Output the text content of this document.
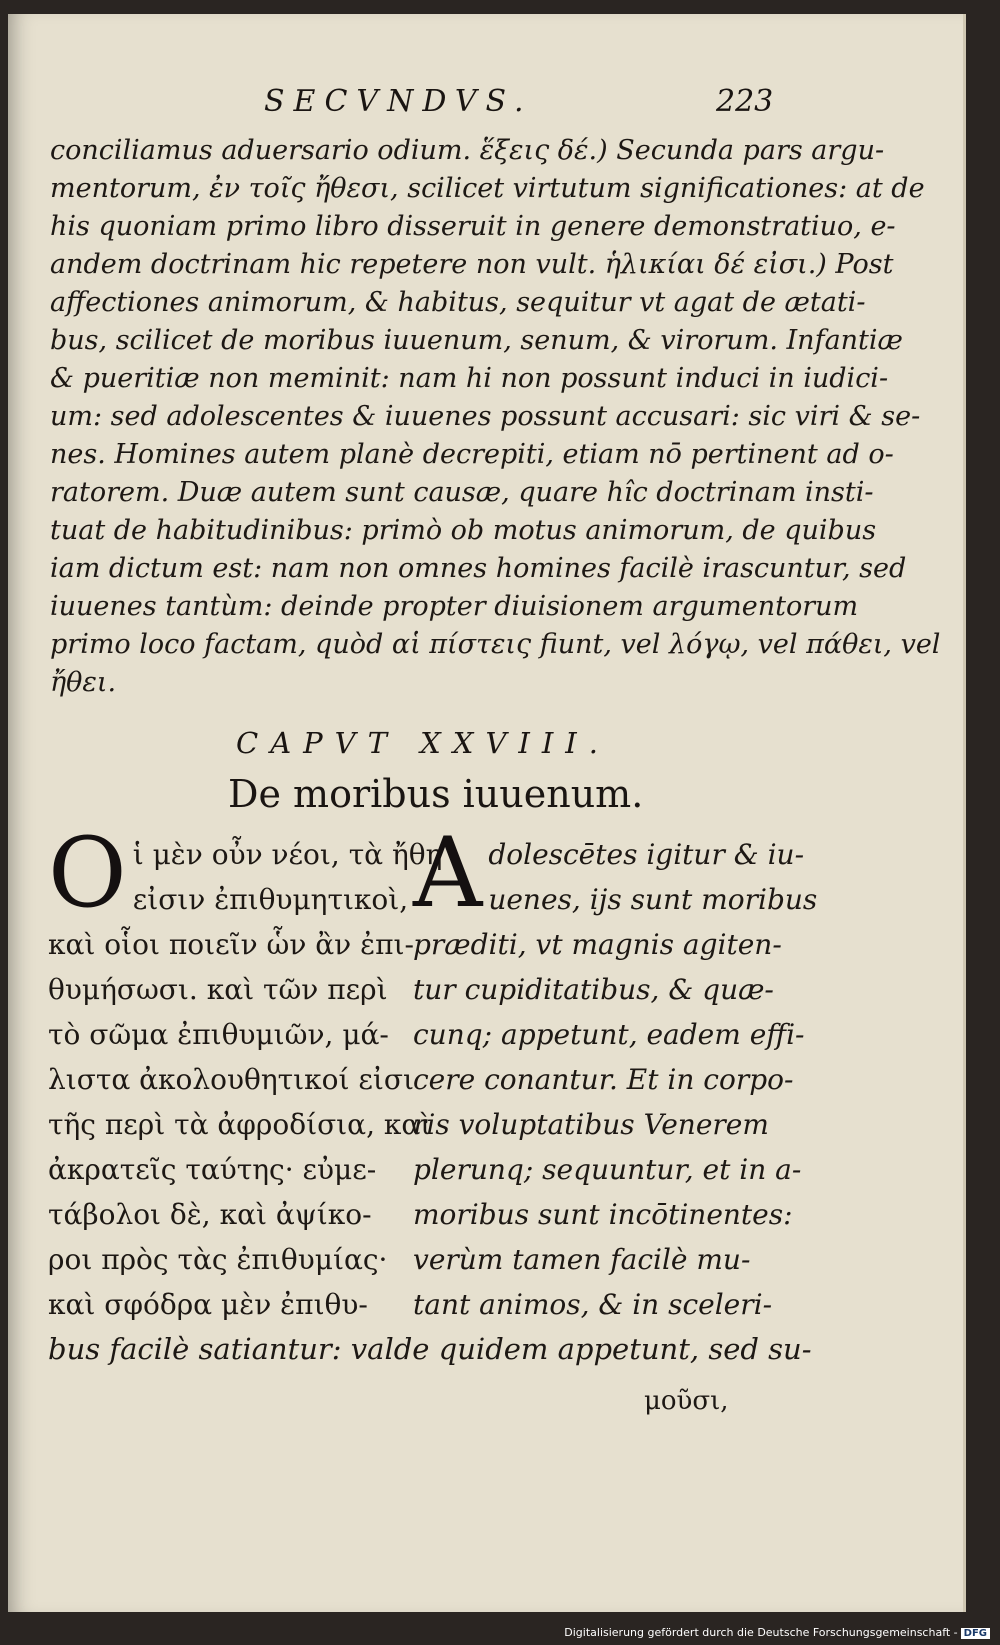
SECVNDVS.	223

conciliamus aduersario odium. ἕξεις δέ.) Secunda pars argu-

mentorum, ἐν τοῖς ἤθεσι, scilicet virtutum significationes: at de

his quoniam primo libro disseruit in genere demonstratiuo, e-

andem doctrinam hic repetere non vult. ἡλικίαι δέ εἰσι.) Post

affectiones animorum, & habitus, sequitur vt agat de ætati-

bus, scilicet de moribus iuuenum, senum, & virorum. Infantiæ

& pueritiæ non meminit: nam hi non possunt induci in iudici-

um: sed adolescentes & iuuenes possunt accusari: sic viri & se-

nes. Homines autem planè decrepiti, etiam nō pertinent ad o-

ratorem. Duæ autem sunt causæ, quare hîc doctrinam insti-

tuat de habitudinibus: primò ob motus animorum, de quibus

iam dictum est: nam non omnes homines facilè irascuntur, sed

iuuenes tantùm: deinde propter diuisionem argumentorum

primo loco factam, quòd αἱ πίστεις fiunt, vel λόγῳ, vel πάθει, vel

ἤθει.

CAPVT XXVIII.
De moribus iuuenum.

Oἱ μὲν οὖν νέοι, τὰ ἤθη

εἰσιν ἐπιθυμητικοὶ,

καὶ οἷοι ποιεῖν ὧν ἂν ἐπι-

θυμήσωσι. καὶ τῶν περὶ

τὸ σῶμα ἐπιθυμιῶν, μά-

λιστα ἀκολουθητικοί εἰσι

τῆς περὶ τὰ ἀφροδίσια, καὶ

ἀκρατεῖς ταύτης· εὐμε-

τάβολοι δὲ, καὶ ἀψίκο-

ροι πρὸς τὰς ἐπιθυμίας·

καὶ σφόδρα μὲν ἐπιθυ-

Adolescētes igitur & iu-

uenes, ijs sunt moribus

præditi, vt magnis agiten-

tur cupiditatibus, & quæ-

cunq; appetunt, eadem effi-

cere conantur. Et in corpo-

ris voluptatibus Venerem

plerunq; sequuntur, et in a-

moribus sunt incōtinentes:

verùm tamen facilè mu-

tant animos, & in sceleri-

bus facilè satiantur: valde quidem appetunt, sed su-
μοῦσι,
Digitalisierung gefördert durch die Deutsche Forschungsgemeinschaft - DFG
